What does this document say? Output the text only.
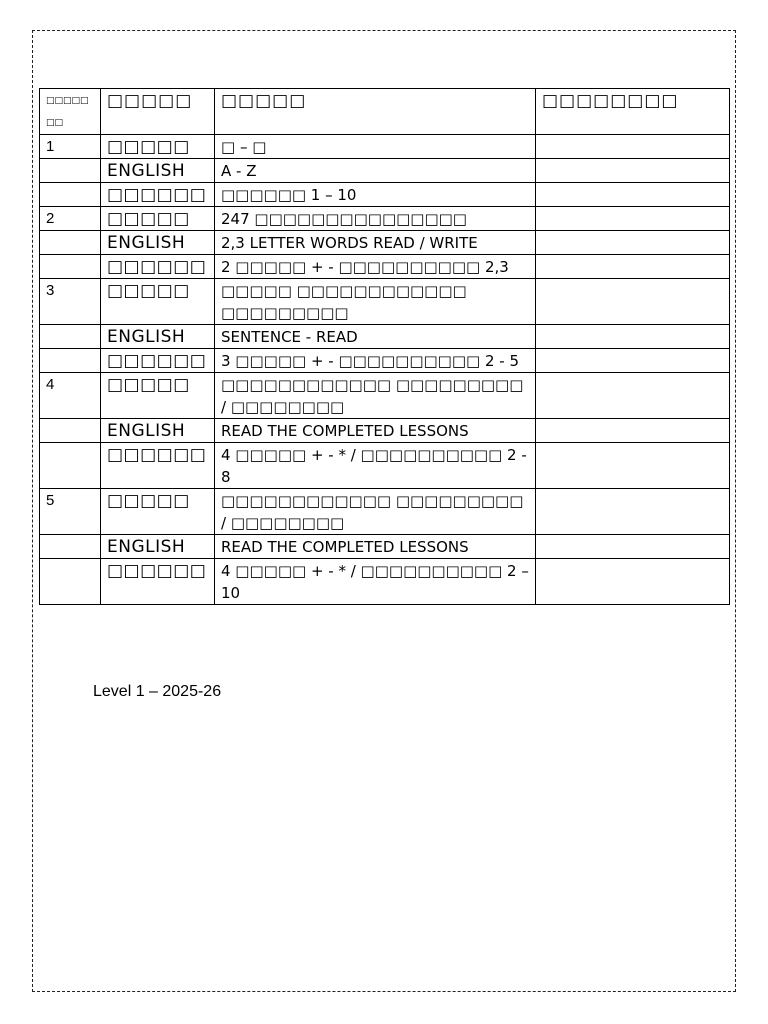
□□□□□ □□	□□□□□	□□□□□	□□□□□□□□
1	□□□□□	□ – □	
	ENGLISH	A - Z	
	□□□□□□	□□□□□□ 1 – 10	
2	□□□□□	247 □□□□□□□□□□□□□□□	
	ENGLISH	2,3 LETTER WORDS READ / WRITE	
	□□□□□□	2 □□□□□ + - □□□□□□□□□□ 2,3	
3	□□□□□	□□□□□ □□□□□□□□□□□□ □□□□□□□□□	
	ENGLISH	SENTENCE - READ	
	□□□□□□	3 □□□□□ + - □□□□□□□□□□ 2 - 5	
4	□□□□□	□□□□□□□□□□□□ □□□□□□□□□ / □□□□□□□□	
	ENGLISH	READ THE COMPLETED LESSONS	
	□□□□□□	4 □□□□□ + - * / □□□□□□□□□□ 2 - 8	
5	□□□□□	□□□□□□□□□□□□ □□□□□□□□□ / □□□□□□□□	
	ENGLISH	READ THE COMPLETED LESSONS	
	□□□□□□	4 □□□□□ + - * / □□□□□□□□□□ 2 – 10	
Level 1 – 2025-26
